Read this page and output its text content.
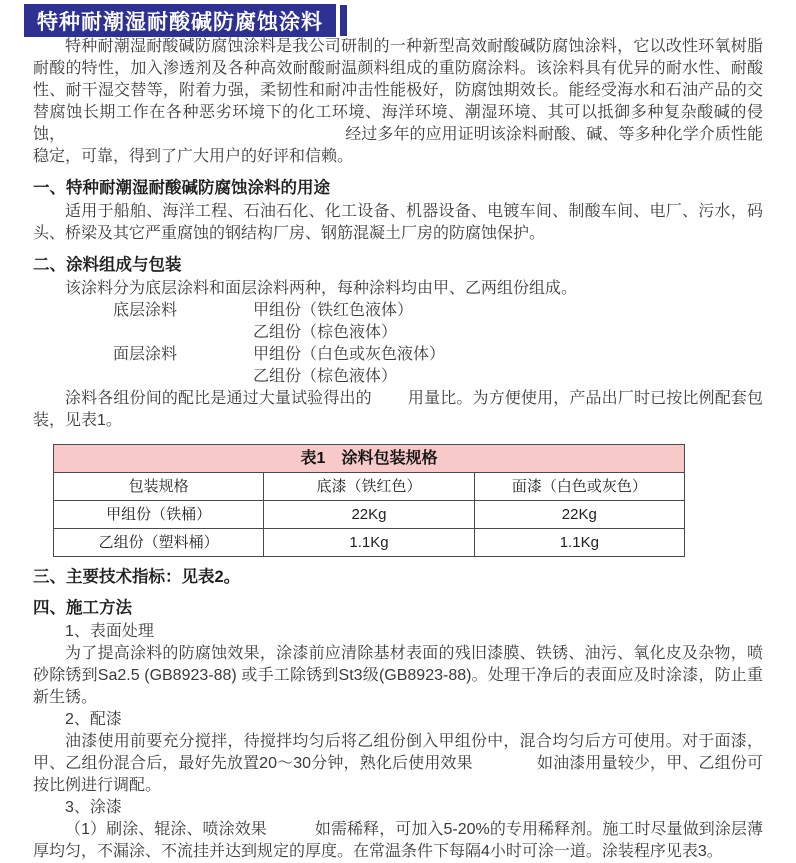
特种耐潮湿耐酸碱防腐蚀涂料

特种耐潮湿耐酸碱防腐蚀涂料是我公司研制的一种新型高效耐酸碱防腐蚀涂料，它以改性环氧树脂耐酸的特性，加入渗透剂及各种高效耐酸耐温颜料组成的重防腐涂料。该涂料具有优异的耐水性、耐酸性、耐干湿交替等，附着力强，柔韧性和耐冲击性能极好，防腐蚀期效长。能经受海水和石油产品的交替腐蚀长期工作在各种恶劣环境下的化工环境、海洋环境、潮湿环境、其可以抵御多种复杂酸碱的侵蚀，	经过多年的应用证明该涂料耐酸、碱、等多种化学介质性能稳定，可靠，得到了广大用户的好评和信赖。

一、特种耐潮湿耐酸碱防腐蚀涂料的用途

适用于船舶、海洋工程、石油石化、化工设备、机器设备、电镀车间、制酸车间、电厂、污水，码头、桥梁及其它严重腐蚀的钢结构厂房、钢筋混凝土厂房的防腐蚀保护。

二、涂料组成与包装

该涂料分为底层涂料和面层涂料两种，每种涂料均由甲、乙两组份组成。

底层涂料	甲组份（铁红色液体）
乙组份（棕色液体）
面层涂料	甲组份（白色或灰色液体）
乙组份（棕色液体）

涂料各组份间的配比是通过大量试验得出的 用量比。为方便使用，产品出厂时已按比例配套包装，见表1。

表1　涂料包装规格		
包装规格	底漆（铁红色）	面漆（白色或灰色）
甲组份（铁桶）	22Kg	22Kg
乙组份（塑料桶）	1.1Kg	1.1Kg
三、主要技术指标：见表2。
四、施工方法

1、表面处理

为了提高涂料的防腐蚀效果，涂漆前应清除基材表面的残旧漆膜、铁锈、油污、氧化皮及杂物，喷砂除锈到Sa2.5 (GB8923-88) 或手工除锈到St3级(GB8923-88)。处理干净后的表面应及时涂漆，防止重新生锈。

2、配漆

油漆使用前要充分搅拌，待搅拌均匀后将乙组份倒入甲组份中，混合均匀后方可使用。对于面漆，甲、乙组份混合后，最好先放置20～30分钟，熟化后使用效果	如油漆用量较少，甲、乙组份可按比例进行调配。

3、涂漆

（1）刷涂、辊涂、喷涂效果	如需稀释，可加入5-20%的专用稀释剂。施工时尽量做到涂层薄厚均匀，不漏涂、不流挂并达到规定的厚度。在常温条件下每隔4小时可涂一道。涂装程序见表3。
